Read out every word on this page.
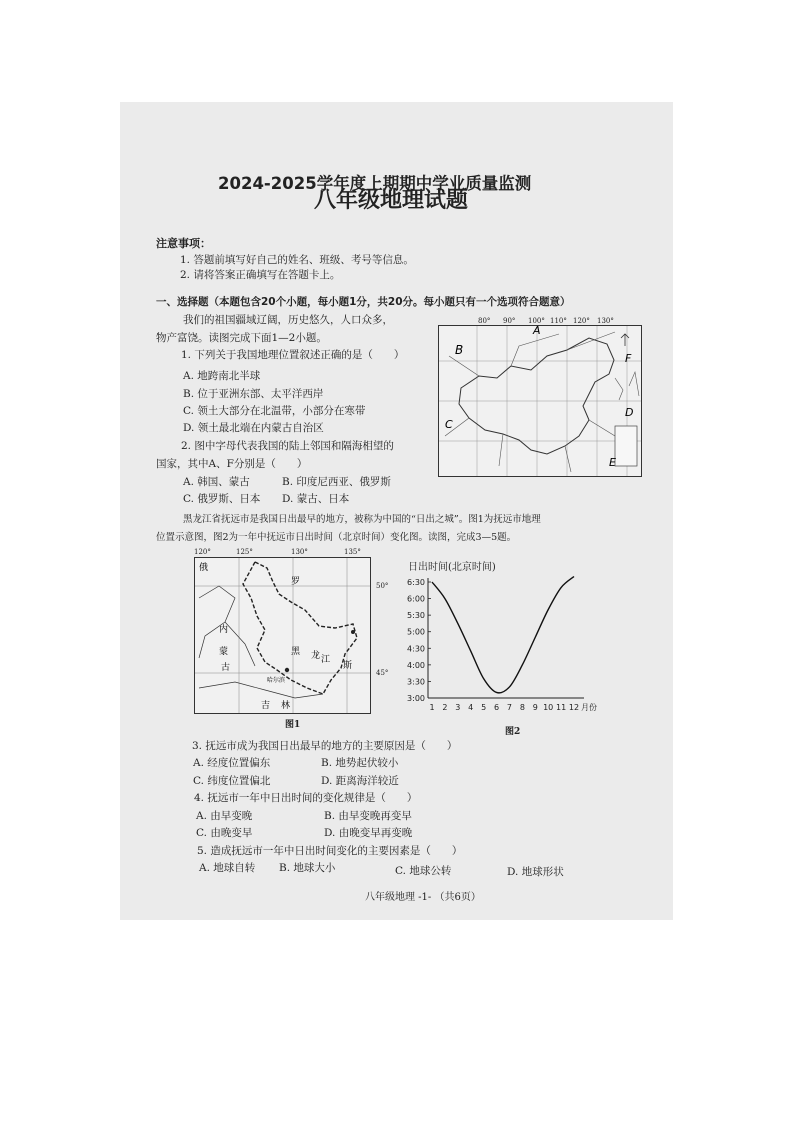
2024-2025学年度上期期中学业质量监测
八年级地理试题
注意事项：
1. 答题前填写好自己的姓名、班级、考号等信息。
2. 请将答案正确填写在答题卡上。
一、选择题（本题包含20个小题，每小题1分，共20分。每小题只有一个选项符合题意）
我们的祖国疆域辽阔，历史悠久，人口众多，
物产富饶。读图完成下面1—2小题。
1. 下列关于我国地理位置叙述正确的是（　　）
A. 地跨南北半球
B. 位于亚洲东部、太平洋西岸
C. 领土大部分在北温带，小部分在寒带
D. 领土最北端在内蒙古自治区
2. 图中字母代表我国的陆上邻国和隔海相望的
国家，其中A、F分别是（　　）
A. 韩国、蒙古	B. 印度尼西亚、俄罗斯
C. 俄罗斯、日本 D. 蒙古、日本
B
C
A
D
E
F
80° 90° 100° 110° 120° 130°
黑龙江省抚远市是我国日出最早的地方，被称为中国的“日出之城”。图1为抚远市地理
位置示意图，图2为一年中抚远市日出时间（北京时间）变化图。读图，完成3—5题。
俄
罗
斯
内
蒙
古
黑 龙 江
哈尔滨
吉 林
120°	125°	130°	135°
50°
45°
图1
日出时间(北京时间)
6:30
6:00
5:30
5:00
4:30
4:00
3:30
3:00
1 2 3 4 5 6 7 8 9 10 11 12 月份
图2
3. 抚远市成为我国日出最早的地方的主要原因是（　　）
A. 经度位置偏东	B. 地势起伏较小
C. 纬度位置偏北	D. 距离海洋较近
4. 抚远市一年中日出时间的变化规律是（　　）
A. 由早变晚	B. 由早变晚再变早
C. 由晚变早	D. 由晚变早再变晚
5. 造成抚远市一年中日出时间变化的主要因素是（　　）
A. 地球自转 B. 地球大小	C. 地球公转	D. 地球形状
八年级地理 -1- （共6页）
